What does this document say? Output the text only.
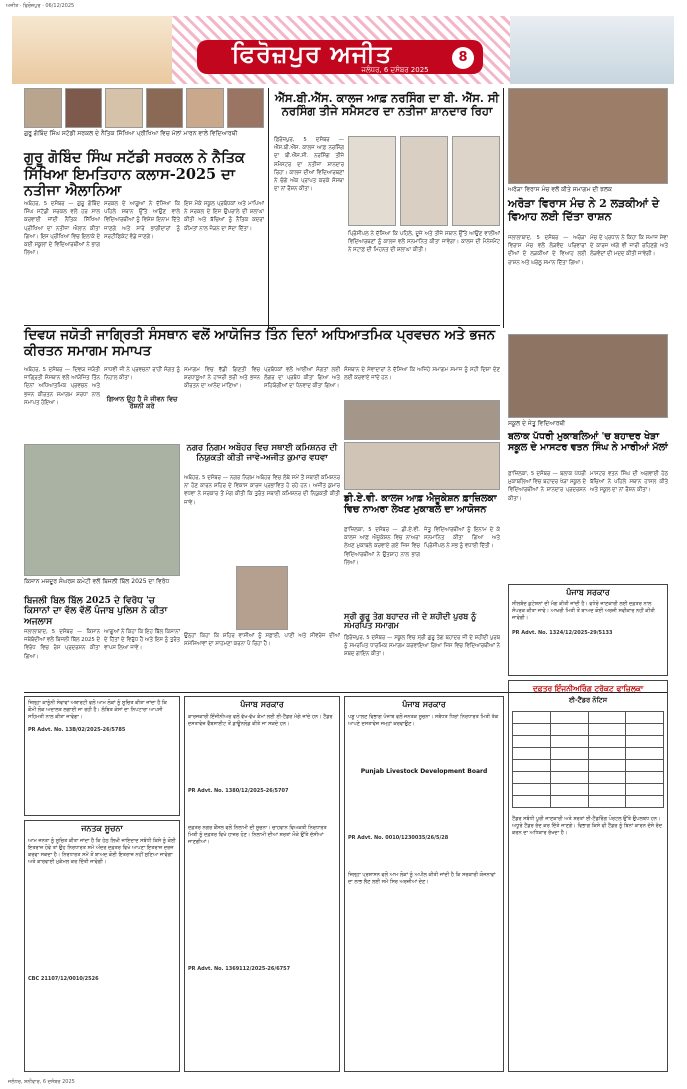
ਅਜੀਤ · ਫਿਰੋਜ਼ਪੁਰ · 06/12/2025
ਫਿਰੋਜ਼ਪੁਰ ਅਜੀਤ
ਜਲੰਧਰ, 6 ਦਸੰਬਰ 2025
8
ਗੁਰੂ ਗੋਬਿੰਦ ਸਿੰਘ ਸਟੱਡੀ ਸਰਕਲ ਦੇ ਨੈਤਿਕ ਸਿੱਖਿਆ ਪ੍ਰੀਖਿਆ ਵਿਚ ਮੱਲਾਂ ਮਾਰਨ ਵਾਲੇ ਵਿਦਿਆਰਥੀ
ਗੁਰੂ ਗੋਬਿੰਦ ਸਿੰਘ ਸਟੱਡੀ ਸਰਕਲ ਨੇ ਨੈਤਿਕ ਸਿੱਖਿਆ ਇਮਤਿਹਾਨ ਕਲਾਸ-2025 ਦਾ ਨਤੀਜਾ ਐਲਾਨਿਆ
ਅਬੋਹਰ, 5 ਦਸੰਬਰ — ਗੁਰੂ ਗੋਬਿੰਦ ਸਿੰਘ ਸਟੱਡੀ ਸਰਕਲ ਵਲੋਂ ਹਰ ਸਾਲ ਕਰਵਾਈ ਜਾਂਦੀ ਨੈਤਿਕ ਸਿੱਖਿਆ ਪ੍ਰੀਖਿਆ ਦਾ ਨਤੀਜਾ ਐਲਾਨ ਕੀਤਾ ਗਿਆ। ਇਸ ਪ੍ਰੀਖਿਆ ਵਿਚ ਇਲਾਕੇ ਦੇ ਕਈ ਸਕੂਲਾਂ ਦੇ ਵਿਦਿਆਰਥੀਆਂ ਨੇ ਭਾਗ ਲਿਆ।
ਸਰਕਲ ਦੇ ਆਗੂਆਂ ਨੇ ਦੱਸਿਆ ਕਿ ਪਹਿਲੇ ਸਥਾਨ ਉੱਤੇ ਆਉਣ ਵਾਲੇ ਵਿਦਿਆਰਥੀਆਂ ਨੂੰ ਵਿਸ਼ੇਸ਼ ਇਨਾਮ ਦਿੱਤੇ ਜਾਣਗੇ ਅਤੇ ਸਾਰੇ ਭਾਗੀਦਾਰਾਂ ਨੂੰ ਸਰਟੀਫਿਕੇਟ ਵੰਡੇ ਜਾਣਗੇ।
ਇਸ ਮੌਕੇ ਸਕੂਲ ਪ੍ਰਬੰਧਕਾਂ ਅਤੇ ਮਾਪਿਆਂ ਨੇ ਸਰਕਲ ਦੇ ਇਸ ਉਪਰਾਲੇ ਦੀ ਸ਼ਲਾਘਾ ਕੀਤੀ ਅਤੇ ਬੱਚਿਆਂ ਨੂੰ ਨੈਤਿਕ ਕਦਰਾਂ ਕੀਮਤਾਂ ਨਾਲ ਜੋੜਨ ਦਾ ਸੱਦਾ ਦਿੱਤਾ।
ਐੱਸ.ਬੀ.ਐੱਸ. ਕਾਲਜ ਆਫ਼ ਨਰਸਿੰਗ ਦਾ ਬੀ. ਐੱਸ. ਸੀ ਨਰਸਿੰਗ ਤੀਜੇ ਸਮੈਸਟਰ ਦਾ ਨਤੀਜਾ ਸ਼ਾਨਦਾਰ ਰਿਹਾ
ਫ਼ਿਰੋਜ਼ਪੁਰ, 5 ਦਸੰਬਰ — ਐੱਸ.ਬੀ.ਐੱਸ. ਕਾਲਜ ਆਫ਼ ਨਰਸਿੰਗ ਦਾ ਬੀ.ਐੱਸ.ਸੀ. ਨਰਸਿੰਗ ਤੀਜੇ ਸਮੈਸਟਰ ਦਾ ਨਤੀਜਾ ਸ਼ਾਨਦਾਰ ਰਿਹਾ। ਕਾਲਜ ਦੀਆਂ ਵਿਦਿਆਰਥਣਾਂ ਨੇ ਚੰਗੇ ਅੰਕ ਪ੍ਰਾਪਤ ਕਰਕੇ ਸੰਸਥਾ ਦਾ ਨਾਂ ਰੌਸ਼ਨ ਕੀਤਾ।
ਪ੍ਰਿੰਸੀਪਲ ਨੇ ਦੱਸਿਆ ਕਿ ਪਹਿਲੇ, ਦੂਜੇ ਅਤੇ ਤੀਜੇ ਸਥਾਨ ਉੱਤੇ ਆਉਣ ਵਾਲੀਆਂ ਵਿਦਿਆਰਥਣਾਂ ਨੂੰ ਕਾਲਜ ਵਲੋਂ ਸਨਮਾਨਿਤ ਕੀਤਾ ਜਾਵੇਗਾ। ਕਾਲਜ ਦੀ ਮੈਨੇਜਮੈਂਟ ਨੇ ਸਟਾਫ਼ ਦੀ ਮਿਹਨਤ ਦੀ ਸ਼ਲਾਘਾ ਕੀਤੀ।
ਅਰੋੜਾ ਵਿਰਾਸ ਮੰਚ ਵਲੋਂ ਕੀਤੇ ਸਮਾਗਮ ਦੀ ਝਲਕ
ਅਰੋੜਾ ਵਿਰਾਸ ਮੰਚ ਨੇ 2 ਲੜਕੀਆਂ ਦੇ ਵਿਆਹ ਲਈ ਦਿੱਤਾ ਰਾਸ਼ਨ
ਜਲਾਲਾਬਾਦ, 5 ਦਸੰਬਰ — ਅਰੋੜਾ ਵਿਰਾਸ ਮੰਚ ਵਲੋਂ ਲੋੜਵੰਦ ਪਰਿਵਾਰਾਂ ਦੀਆਂ ਦੋ ਲੜਕੀਆਂ ਦੇ ਵਿਆਹ ਲਈ ਰਾਸ਼ਨ ਅਤੇ ਘਰੇਲੂ ਸਮਾਨ ਦਿੱਤਾ ਗਿਆ।
ਮੰਚ ਦੇ ਪ੍ਰਧਾਨ ਨੇ ਕਿਹਾ ਕਿ ਸਮਾਜ ਸੇਵਾ ਦੇ ਕਾਰਜ ਅੱਗੇ ਵੀ ਜਾਰੀ ਰਹਿਣਗੇ ਅਤੇ ਲੋੜਵੰਦਾਂ ਦੀ ਮਦਦ ਕੀਤੀ ਜਾਵੇਗੀ।
ਦਿਵਯ ਜਯੋਤੀ ਜਾਗ੍ਰਿਤੀ ਸੰਸਥਾਨ ਵਲੋਂ ਆਯੋਜਿਤ ਤਿੰਨ ਦਿਨਾਂ ਅਧਿਆਤਮਿਕ ਪ੍ਰਵਚਨ ਅਤੇ ਭਜਨ ਕੀਰਤਨ ਸਮਾਗਮ ਸਮਾਪਤ
ਅਬੋਹਰ, 5 ਦਸੰਬਰ — ਦਿਵਯ ਜਯੋਤੀ ਜਾਗ੍ਰਿਤੀ ਸੰਸਥਾਨ ਵਲੋਂ ਆਯੋਜਿਤ ਤਿੰਨ ਦਿਨਾਂ ਅਧਿਆਤਮਿਕ ਪ੍ਰਵਚਨ ਅਤੇ ਭਜਨ ਕੀਰਤਨ ਸਮਾਗਮ ਸ਼ਰਧਾ ਨਾਲ ਸਮਾਪਤ ਹੋਇਆ।
ਸਾਧਵੀ ਜੀ ਨੇ ਪ੍ਰਵਚਨਾਂ ਰਾਹੀਂ ਸੰਗਤ ਨੂੰ ਨਿਹਾਲ ਕੀਤਾ।
ਗਿਆਨ ਉਹ ਹੈ ਜੋ ਜੀਵਨ ਵਿਚ ਰੌਸ਼ਨੀ ਕਰੇ
ਸਮਾਗਮ ਵਿਚ ਵੱਡੀ ਗਿਣਤੀ ਵਿਚ ਸ਼ਰਧਾਲੂਆਂ ਨੇ ਹਾਜ਼ਰੀ ਭਰੀ ਅਤੇ ਭਜਨ ਕੀਰਤਨ ਦਾ ਆਨੰਦ ਮਾਣਿਆ।
ਪ੍ਰਬੰਧਕਾਂ ਵਲੋਂ ਆਈਆਂ ਸੰਗਤਾਂ ਲਈ ਲੰਗਰ ਦਾ ਪ੍ਰਬੰਧ ਕੀਤਾ ਗਿਆ ਅਤੇ ਸਹਿਯੋਗੀਆਂ ਦਾ ਧੰਨਵਾਦ ਕੀਤਾ ਗਿਆ।
ਸੰਸਥਾਨ ਦੇ ਸੇਵਾਦਾਰਾਂ ਨੇ ਦੱਸਿਆ ਕਿ ਅਜਿਹੇ ਸਮਾਗਮ ਸਮਾਜ ਨੂੰ ਸਹੀ ਦਿਸ਼ਾ ਦੇਣ ਲਈ ਕਰਵਾਏ ਜਾਂਦੇ ਹਨ।
ਡੀ.ਏ.ਵੀ. ਕਾਲਜ ਆਫ਼ ਐਜੂਕੇਸ਼ਨ ਫ਼ਾਜ਼ਿਲਕਾ ਵਿਚ ਨਾਅਰਾ ਲੇਖਣ ਮੁਕਾਬਲੇ ਦਾ ਆਯੋਜਨ
ਫ਼ਾਜ਼ਿਲਕਾ, 5 ਦਸੰਬਰ — ਡੀ.ਏ.ਵੀ. ਕਾਲਜ ਆਫ਼ ਐਜੂਕੇਸ਼ਨ ਵਿਚ ਨਾਅਰਾ ਲੇਖਣ ਮੁਕਾਬਲੇ ਕਰਵਾਏ ਗਏ ਜਿਸ ਵਿਚ ਵਿਦਿਆਰਥੀਆਂ ਨੇ ਉਤਸ਼ਾਹ ਨਾਲ ਭਾਗ ਲਿਆ।
ਜੇਤੂ ਵਿਦਿਆਰਥੀਆਂ ਨੂੰ ਇਨਾਮ ਦੇ ਕੇ ਸਨਮਾਨਿਤ ਕੀਤਾ ਗਿਆ ਅਤੇ ਪ੍ਰਿੰਸੀਪਲ ਨੇ ਸਭ ਨੂੰ ਵਧਾਈ ਦਿੱਤੀ।
ਸਕੂਲ ਦੇ ਜੇਤੂ ਵਿਦਿਆਰਥੀ
ਬਲਾਕ ਪੱਧਰੀ ਮੁਕਾਬਲਿਆਂ 'ਚ ਬਹਾਦਰ ਖੇੜਾ ਸਕੂਲ ਦੇ ਮਾਸਟਰ ਵਤਨ ਸਿੰਘ ਨੇ ਮਾਰੀਆਂ ਮੱਲਾਂ
ਫ਼ਾਜ਼ਿਲਕਾ, 5 ਦਸੰਬਰ — ਬਲਾਕ ਪੱਧਰੀ ਮੁਕਾਬਲਿਆਂ ਵਿਚ ਬਹਾਦਰ ਖੇੜਾ ਸਕੂਲ ਦੇ ਵਿਦਿਆਰਥੀਆਂ ਨੇ ਸ਼ਾਨਦਾਰ ਪ੍ਰਦਰਸ਼ਨ ਕੀਤਾ।
ਮਾਸਟਰ ਵਤਨ ਸਿੰਘ ਦੀ ਅਗਵਾਈ ਹੇਠ ਬੱਚਿਆਂ ਨੇ ਪਹਿਲੇ ਸਥਾਨ ਹਾਸਲ ਕੀਤੇ ਅਤੇ ਸਕੂਲ ਦਾ ਨਾਂ ਰੌਸ਼ਨ ਕੀਤਾ।
ਪੰਜਾਬ ਸਰਕਾਰ
ਸੀਲਬੰਦ ਕੁਟੇਸ਼ਨਾਂ ਦੀ ਮੰਗ ਕੀਤੀ ਜਾਂਦੀ ਹੈ। ਵਧੇਰੇ ਜਾਣਕਾਰੀ ਲਈ ਦਫ਼ਤਰ ਨਾਲ ਸੰਪਰਕ ਕੀਤਾ ਜਾਵੇ। ਆਖ਼ਰੀ ਮਿਤੀ ਤੋਂ ਬਾਅਦ ਕੋਈ ਅਰਜ਼ੀ ਸਵੀਕਾਰ ਨਹੀਂ ਕੀਤੀ ਜਾਵੇਗੀ।
PR Advt. No. 1324/12/2025-29/5133
ਨਗਰ ਨਿਗਮ ਅਬੋਹਰ ਵਿਚ ਸਥਾਈ ਕਮਿਸ਼ਨਰ ਦੀ ਨਿਯੁਕਤੀ ਕੀਤੀ ਜਾਵੇ-ਅਜੀਤ ਕੁਮਾਰ ਵਧਵਾ
ਅਬੋਹਰ, 5 ਦਸੰਬਰ — ਨਗਰ ਨਿਗਮ ਅਬੋਹਰ ਵਿਚ ਲੰਬੇ ਸਮੇਂ ਤੋਂ ਸਥਾਈ ਕਮਿਸ਼ਨਰ ਨਾ ਹੋਣ ਕਾਰਨ ਸ਼ਹਿਰ ਦੇ ਵਿਕਾਸ ਕਾਰਜ ਪ੍ਰਭਾਵਿਤ ਹੋ ਰਹੇ ਹਨ। ਅਜੀਤ ਕੁਮਾਰ ਵਧਵਾ ਨੇ ਸਰਕਾਰ ਤੋਂ ਮੰਗ ਕੀਤੀ ਕਿ ਤੁਰੰਤ ਸਥਾਈ ਕਮਿਸ਼ਨਰ ਦੀ ਨਿਯੁਕਤੀ ਕੀਤੀ ਜਾਵੇ।
ਉਨ੍ਹਾਂ ਕਿਹਾ ਕਿ ਸ਼ਹਿਰ ਵਾਸੀਆਂ ਨੂੰ ਸਫ਼ਾਈ, ਪਾਣੀ ਅਤੇ ਸੀਵਰੇਜ ਦੀਆਂ ਸਮੱਸਿਆਵਾਂ ਦਾ ਸਾਹਮਣਾ ਕਰਨਾ ਪੈ ਰਿਹਾ ਹੈ।
ਕਿਸਾਨ ਮਜ਼ਦੂਰ ਸੰਘਰਸ਼ ਕਮੇਟੀ ਵਲੋਂ ਬਿਜਲੀ ਬਿੱਲ 2025 ਦਾ ਵਿਰੋਧ
ਬਿਜਲੀ ਬਿਲ ਬਿੱਲ 2025 ਦੇ ਵਿਰੋਧ 'ਚ ਕਿਸਾਨਾਂ ਦਾ ਵੱਲ ਵੱਲੋਂ ਪੰਜਾਬ ਪੁਲਿਸ ਨੇ ਕੀਤਾ ਅਜਲਾਸ
ਜਲਾਲਾਬਾਦ, 5 ਦਸੰਬਰ — ਕਿਸਾਨ ਜਥੇਬੰਦੀਆਂ ਵਲੋਂ ਬਿਜਲੀ ਬਿੱਲ 2025 ਦੇ ਵਿਰੋਧ ਵਿਚ ਰੋਸ ਪ੍ਰਦਰਸ਼ਨ ਕੀਤਾ ਗਿਆ।
ਆਗੂਆਂ ਨੇ ਕਿਹਾ ਕਿ ਇਹ ਬਿੱਲ ਕਿਸਾਨਾਂ ਦੇ ਹਿੱਤਾਂ ਦੇ ਵਿਰੁੱਧ ਹੈ ਅਤੇ ਇਸ ਨੂੰ ਤੁਰੰਤ ਵਾਪਸ ਲਿਆ ਜਾਵੇ।
ਸ੍ਰੀ ਗੁਰੂ ਤੇਗ ਬਹਾਦਰ ਜੀ ਦੇ ਸ਼ਹੀਦੀ ਪੁਰਬ ਨੂੰ ਸਮਰਪਿਤ ਸਮਾਗਮ
ਫ਼ਿਰੋਜ਼ਪੁਰ, 5 ਦਸੰਬਰ — ਸਕੂਲ ਵਿਚ ਸ੍ਰੀ ਗੁਰੂ ਤੇਗ ਬਹਾਦਰ ਜੀ ਦੇ ਸ਼ਹੀਦੀ ਪੁਰਬ ਨੂੰ ਸਮਰਪਿਤ ਧਾਰਮਿਕ ਸਮਾਗਮ ਕਰਵਾਇਆ ਗਿਆ ਜਿਸ ਵਿਚ ਵਿਦਿਆਰਥੀਆਂ ਨੇ ਸ਼ਬਦ ਗਾਇਨ ਕੀਤਾ।
ਜ਼ਿਲ੍ਹਾ ਕਾਨੂੰਨੀ ਸੇਵਾਵਾਂ ਅਥਾਰਟੀ ਵਲੋਂ ਆਮ ਲੋਕਾਂ ਨੂੰ ਸੂਚਿਤ ਕੀਤਾ ਜਾਂਦਾ ਹੈ ਕਿ ਕੌਮੀ ਲੋਕ ਅਦਾਲਤ ਲਗਾਈ ਜਾ ਰਹੀ ਹੈ। ਲੰਬਿਤ ਕੇਸਾਂ ਦਾ ਨਿਪਟਾਰਾ ਆਪਸੀ ਸਹਿਮਤੀ ਨਾਲ ਕੀਤਾ ਜਾਵੇਗਾ।
PR Advt. No. 13B/02/2025-26/5785
ਜਨਤਕ ਸੂਚਨਾ
ਆਮ ਜਨਤਾ ਨੂੰ ਸੂਚਿਤ ਕੀਤਾ ਜਾਂਦਾ ਹੈ ਕਿ ਹੇਠ ਲਿਖੀ ਜਾਇਦਾਦ ਸਬੰਧੀ ਕਿਸੇ ਨੂੰ ਕੋਈ ਇਤਰਾਜ਼ ਹੋਵੇ ਤਾਂ ਉਹ ਨਿਰਧਾਰਤ ਸਮੇਂ ਅੰਦਰ ਦਫ਼ਤਰ ਵਿਖੇ ਆਪਣਾ ਇਤਰਾਜ਼ ਦਰਜ ਕਰਵਾ ਸਕਦਾ ਹੈ। ਨਿਰਧਾਰਤ ਸਮੇਂ ਤੋਂ ਬਾਅਦ ਕੋਈ ਇਤਰਾਜ਼ ਨਹੀਂ ਸੁਣਿਆ ਜਾਵੇਗਾ ਅਤੇ ਕਾਰਵਾਈ ਮੁਕੰਮਲ ਕਰ ਦਿੱਤੀ ਜਾਵੇਗੀ।
CBC 21107/12/0010/2526
ਪੰਜਾਬ ਸਰਕਾਰ
ਕਾਰਜਕਾਰੀ ਇੰਜੀਨੀਅਰ ਵਲੋਂ ਵੱਖ-ਵੱਖ ਕੰਮਾਂ ਲਈ ਈ-ਟੈਂਡਰ ਮੰਗੇ ਜਾਂਦੇ ਹਨ। ਟੈਂਡਰ ਦਸਤਾਵੇਜ਼ ਵੈੱਬਸਾਈਟ ਤੋਂ ਡਾਊਨਲੋਡ ਕੀਤੇ ਜਾ ਸਕਦੇ ਹਨ।
PR Advt. No. 1380/12/2025-26/5707
ਦਫ਼ਤਰ ਨਗਰ ਕੌਂਸਲ ਵਲੋਂ ਨਿਲਾਮੀ ਦੀ ਸੂਚਨਾ। ਚਾਹਵਾਨ ਵਿਅਕਤੀ ਨਿਰਧਾਰਤ ਮਿਤੀ ਨੂੰ ਦਫ਼ਤਰ ਵਿਖੇ ਹਾਜ਼ਰ ਹੋਣ। ਨਿਲਾਮੀ ਦੀਆਂ ਸ਼ਰਤਾਂ ਮੌਕੇ ਉੱਤੇ ਦੱਸੀਆਂ ਜਾਣਗੀਆਂ।
PR Advt. No. 1369112/2025-26/6757
ਪੰਜਾਬ ਸਰਕਾਰ
ਪਸ਼ੂ ਪਾਲਣ ਵਿਭਾਗ ਪੰਜਾਬ ਵਲੋਂ ਜਨਤਕ ਸੂਚਨਾ। ਸਬੰਧਤ ਧਿਰਾਂ ਨਿਰਧਾਰਤ ਮਿਤੀ ਤੱਕ ਆਪਣੇ ਦਸਤਾਵੇਜ਼ ਜਮ੍ਹਾਂ ਕਰਵਾਉਣ।
Punjab Livestock Development Board
PR Advt. No. 0010/1230035/26/5/28
ਜ਼ਿਲ੍ਹਾ ਪ੍ਰਸ਼ਾਸਨ ਵਲੋਂ ਆਮ ਲੋਕਾਂ ਨੂੰ ਅਪੀਲ ਕੀਤੀ ਜਾਂਦੀ ਹੈ ਕਿ ਸਰਕਾਰੀ ਯੋਜਨਾਵਾਂ ਦਾ ਲਾਭ ਲੈਣ ਲਈ ਸਮੇਂ ਸਿਰ ਅਰਜ਼ੀਆਂ ਦੇਣ।
ਦਫ਼ਤਰ ਇੰਜਨੀਅਰਿੰਗ ਟਰੋਕਟ ਫਾਜ਼ਿਲਕਾ
ਈ-ਟੈਂਡਰ ਨੋਟਿਸ

ਟੈਂਡਰ ਸਬੰਧੀ ਪੂਰੀ ਜਾਣਕਾਰੀ ਅਤੇ ਸ਼ਰਤਾਂ ਈ-ਟੈਂਡਰਿੰਗ ਪੋਰਟਲ ਉੱਤੇ ਉਪਲਬਧ ਹਨ। ਅਧੂਰੇ ਟੈਂਡਰ ਰੱਦ ਕਰ ਦਿੱਤੇ ਜਾਣਗੇ। ਵਿਭਾਗ ਕਿਸੇ ਵੀ ਟੈਂਡਰ ਨੂੰ ਬਿਨਾਂ ਕਾਰਨ ਦੱਸੇ ਰੱਦ ਕਰਨ ਦਾ ਅਧਿਕਾਰ ਰੱਖਦਾ ਹੈ।
ਜਲੰਧਰ, ਸ਼ਨੀਵਾਰ, 6 ਦਸੰਬਰ 2025
